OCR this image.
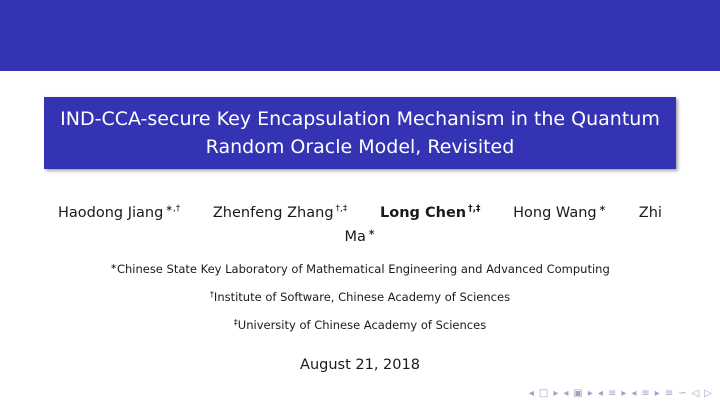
IND-CCA-secure Key Encapsulation Mechanism in the Quantum
Random Oracle Model, Revisited
Haodong Jiang ∗,† Zhenfeng Zhang †,‡ Long Chen †,‡ Hong Wang ∗ Zhi
Ma ∗
∗Chinese State Key Laboratory of Mathematical Engineering and Advanced Computing
†Institute of Software, Chinese Academy of Sciences
‡University of Chinese Academy of Sciences
August 21, 2018
◂ □ ▸ ◂ ▣ ▸ ◂ ≡ ▸ ◂ ≡ ▸ ≡ ∽ ◁ ▷
